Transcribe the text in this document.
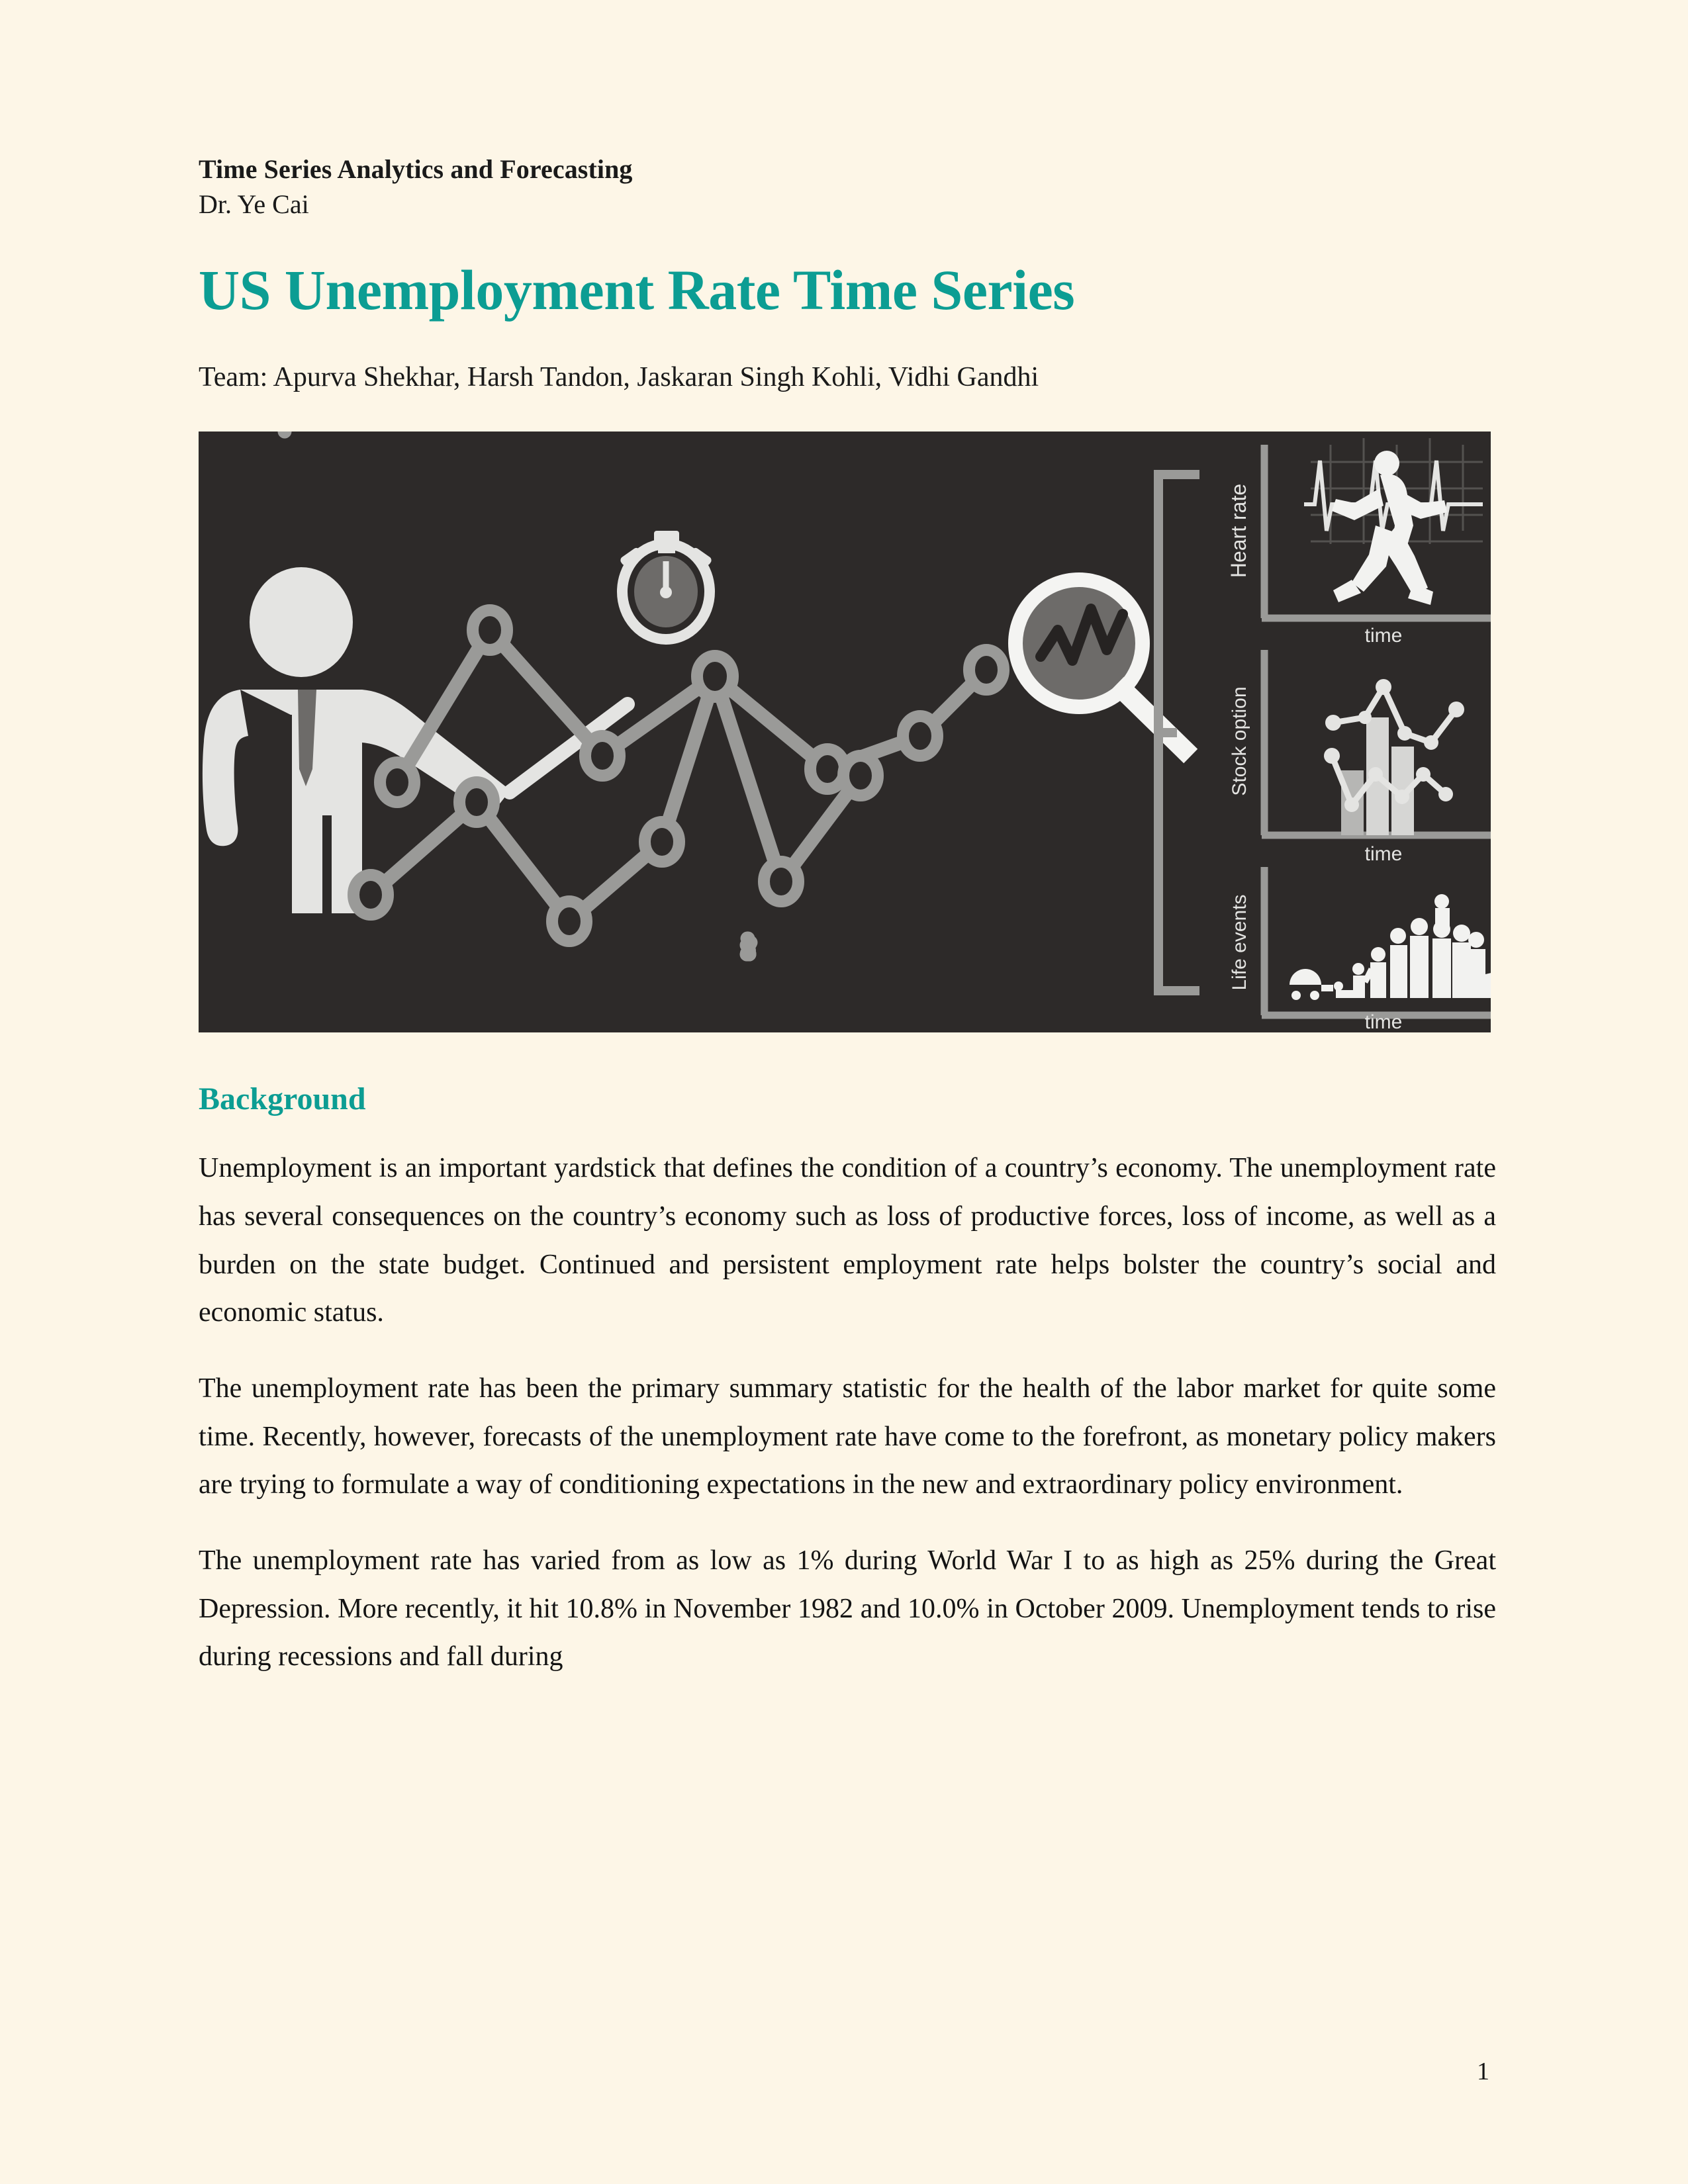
Time Series Analytics and Forecasting
Dr. Ye Cai
US Unemployment Rate Time Series
Team: Apurva Shekhar, Harsh Tandon, Jaskaran Singh Kohli, Vidhi Gandhi
Heart rate
time
Stock option
time
Life events
time
Background

Unemployment is an important yardstick that defines the condition of a country’s economy. The unemployment rate has several consequences on the country’s economy such as loss of productive forces, loss of income, as well as a burden on the state budget. Continued and persistent employment rate helps bolster the country’s social and economic status.

The unemployment rate has been the primary summary statistic for the health of the labor market for quite some time. Recently, however, forecasts of the unemployment rate have come to the forefront, as monetary policy makers are trying to formulate a way of conditioning expectations in the new and extraordinary policy environment.

The unemployment rate has varied from as low as 1% during World War I to as high as 25% during the Great Depression. More recently, it hit 10.8% in November 1982 and 10.0% in October 2009. Unemployment tends to rise during recessions and fall during

1
